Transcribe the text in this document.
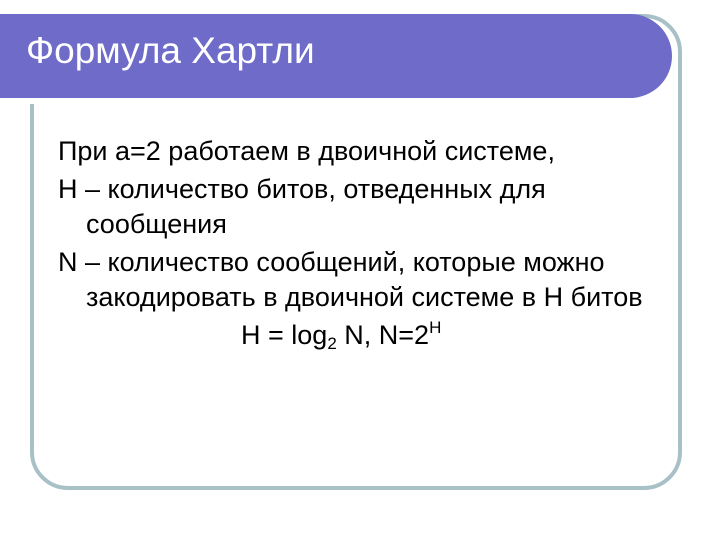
Формула Хартли

При а=2 работаем в двоичной системе,

Н – количество битов, отведенных для сообщения

N – количество сообщений, которые можно закодировать в двоичной системе в Н битов

$Н = \log_2 N$, $N=2^H$
